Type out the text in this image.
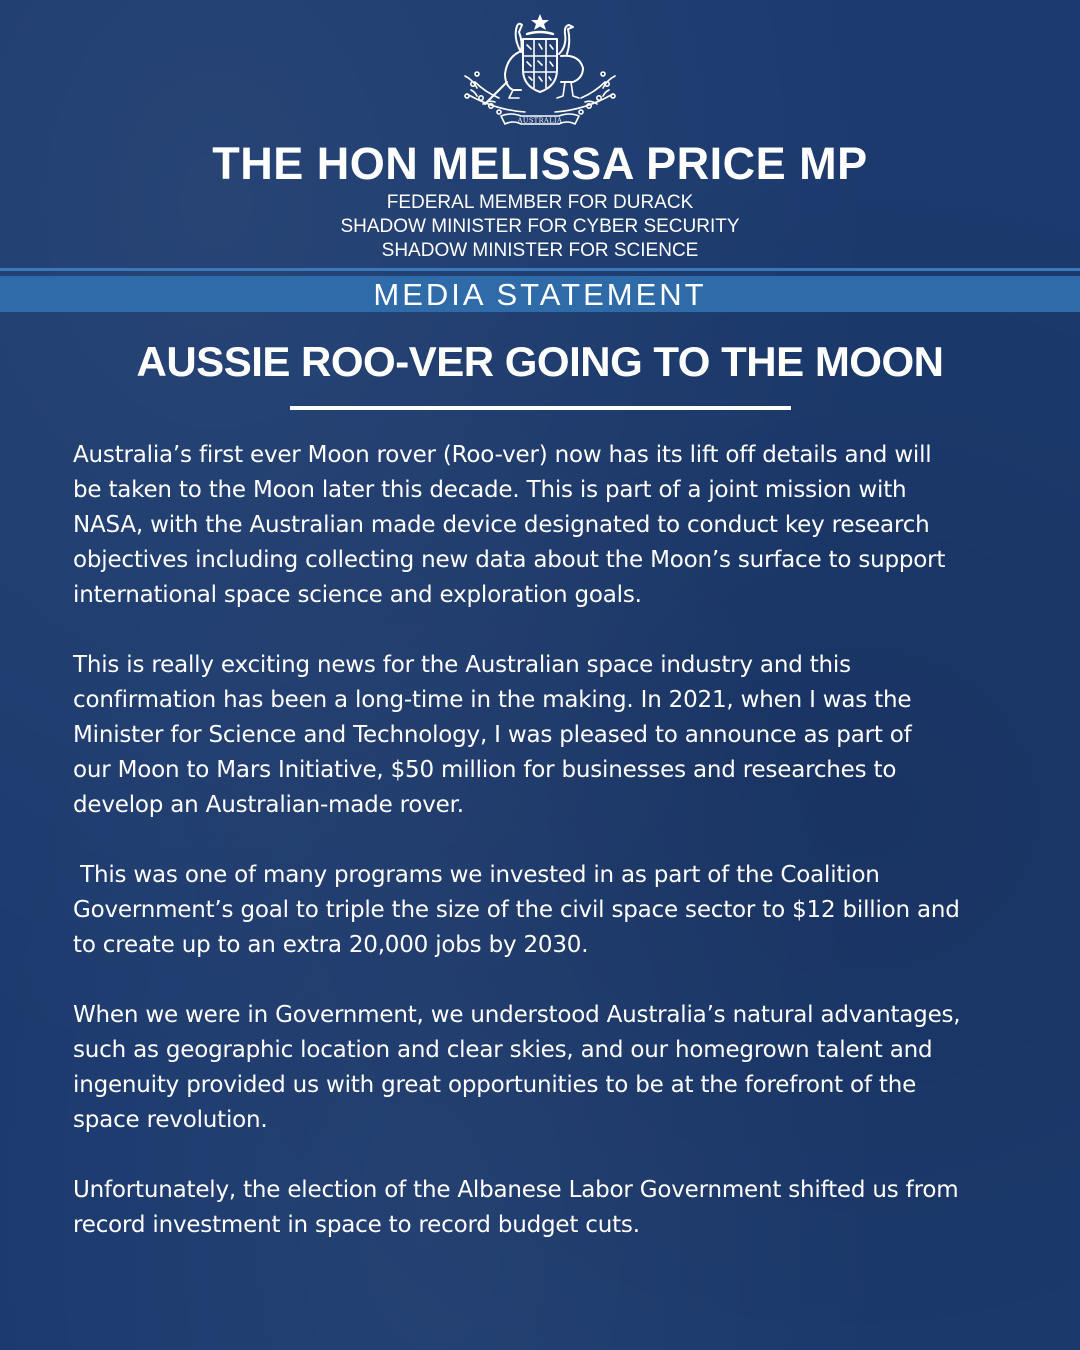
AUSTRALIA
THE HON MELISSA PRICE MP
FEDERAL MEMBER FOR DURACK
SHADOW MINISTER FOR CYBER SECURITY
SHADOW MINISTER FOR SCIENCE
MEDIA STATEMENT
AUSSIE ROO-VER GOING TO THE MOON

Australia’s first ever Moon rover (Roo-ver) now has its lift off details and will
be taken to the Moon later this decade. This is part of a joint mission with
NASA, with the Australian made device designated to conduct key research
objectives including collecting new data about the Moon’s surface to support
international space science and exploration goals.

This is really exciting news for the Australian space industry and this
confirmation has been a long-time in the making. In 2021, when I was the
Minister for Science and Technology, I was pleased to announce as part of
our Moon to Mars Initiative, $50 million for businesses and researches to
develop an Australian-made rover.

This was one of many programs we invested in as part of the Coalition
Government’s goal to triple the size of the civil space sector to $12 billion and
to create up to an extra 20,000 jobs by 2030.

When we were in Government, we understood Australia’s natural advantages,
such as geographic location and clear skies, and our homegrown talent and
ingenuity provided us with great opportunities to be at the forefront of the
space revolution.

Unfortunately, the election of the Albanese Labor Government shifted us from
record investment in space to record budget cuts.
